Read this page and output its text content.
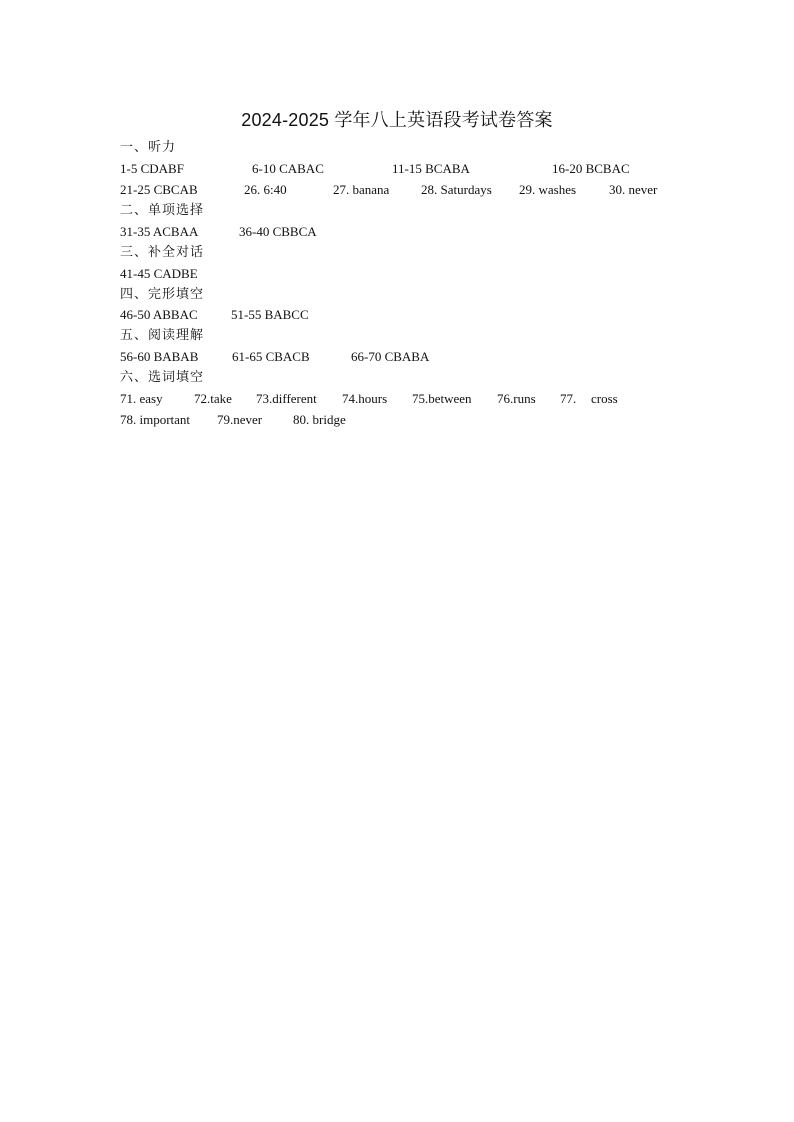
2024-2025 学年八上英语段考试卷答案
一、听力
1-5 CDABF	6-10 CABAC	11-15 BCABA	16-20 BCBAC
21-25 CBCAB	26. 6:40	27. banana 28. Saturdays 29. washes	30. never
二、单项选择
31-35 ACBAA	36-40 CBBCA
三、补全对话
41-45 CADBE
四、完形填空
46-50 ABBAC	51-55 BABCC
五、阅读理解
56-60 BABAB	61-65 CBACB	66-70 CBABA
六、选词填空
71. easy 72.take 73.different 74.hours 75.between 76.runs 77. cross
78. important 79.never 80. bridge
